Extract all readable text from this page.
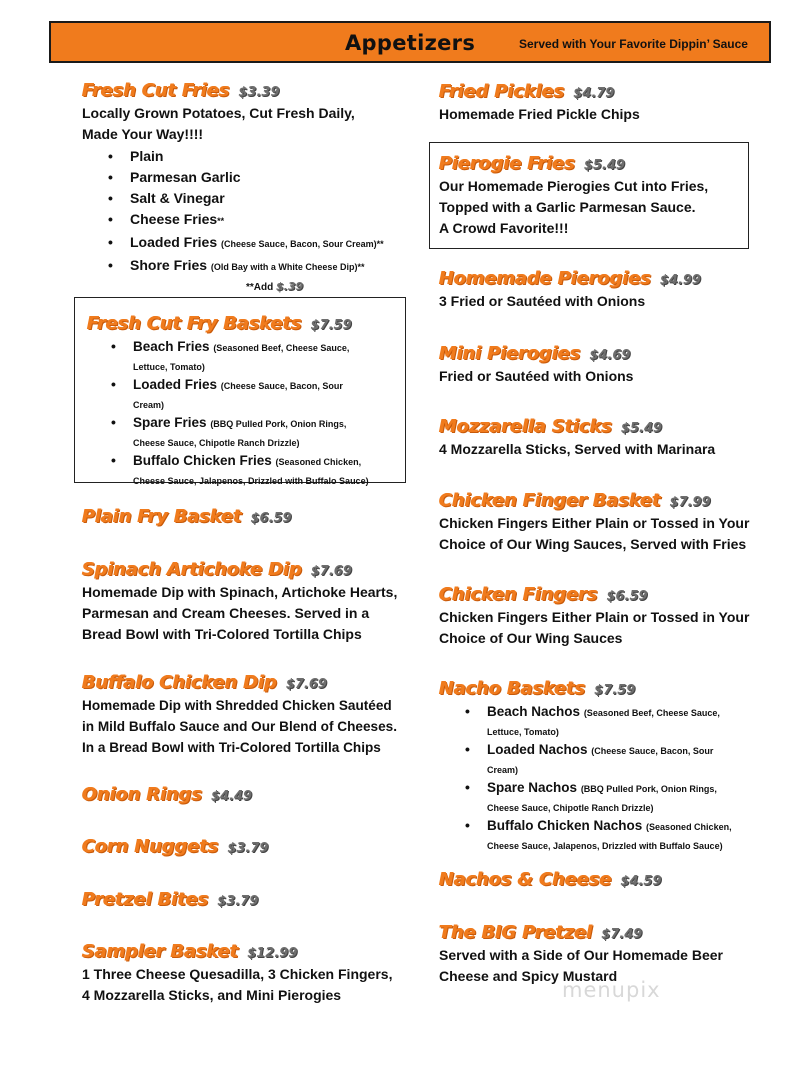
Appetizers	Served with Your Favorite Dippin’ Sauce
Fresh Cut Fries $3.39
Locally Grown Potatoes, Cut Fresh Daily,
Made Your Way!!!!
• Plain
• Parmesan Garlic
• Salt & Vinegar
• Cheese Fries**
• Loaded Fries (Cheese Sauce, Bacon, Sour Cream)**
• Shore Fries (Old Bay with a White Cheese Dip)**
**Add $.39
Fresh Cut Fry Baskets $7.59
• Beach Fries (Seasoned Beef, Cheese Sauce,
Lettuce, Tomato)
• Loaded Fries (Cheese Sauce, Bacon, Sour
Cream)
• Spare Fries (BBQ Pulled Pork, Onion Rings,
Cheese Sauce, Chipotle Ranch Drizzle)
• Buffalo Chicken Fries (Seasoned Chicken,
Cheese Sauce, Jalapenos, Drizzled with Buffalo Sauce)
Plain Fry Basket $6.59
Spinach Artichoke Dip $7.69
Homemade Dip with Spinach, Artichoke Hearts,
Parmesan and Cream Cheeses. Served in a
Bread Bowl with Tri-Colored Tortilla Chips
Buffalo Chicken Dip $7.69
Homemade Dip with Shredded Chicken Sautéed
in Mild Buffalo Sauce and Our Blend of Cheeses.
In a Bread Bowl with Tri-Colored Tortilla Chips
Onion Rings $4.49
Corn Nuggets $3.79
Pretzel Bites $3.79
Sampler Basket $12.99
1 Three Cheese Quesadilla, 3 Chicken Fingers,
4 Mozzarella Sticks, and Mini Pierogies
Fried Pickles $4.79
Homemade Fried Pickle Chips
Pierogie Fries $5.49
Our Homemade Pierogies Cut into Fries,
Topped with a Garlic Parmesan Sauce.
A Crowd Favorite!!!
Homemade Pierogies $4.99
3 Fried or Sautéed with Onions
Mini Pierogies $4.69
Fried or Sautéed with Onions
Mozzarella Sticks $5.49
4 Mozzarella Sticks, Served with Marinara
Chicken Finger Basket $7.99
Chicken Fingers Either Plain or Tossed in Your
Choice of Our Wing Sauces, Served with Fries
Chicken Fingers $6.59
Chicken Fingers Either Plain or Tossed in Your
Choice of Our Wing Sauces
Nacho Baskets $7.59
• Beach Nachos (Seasoned Beef, Cheese Sauce,
Lettuce, Tomato)
• Loaded Nachos (Cheese Sauce, Bacon, Sour
Cream)
• Spare Nachos (BBQ Pulled Pork, Onion Rings,
Cheese Sauce, Chipotle Ranch Drizzle)
• Buffalo Chicken Nachos (Seasoned Chicken,
Cheese Sauce, Jalapenos, Drizzled with Buffalo Sauce)
Nachos & Cheese $4.59
The BIG Pretzel $7.49
Served with a Side of Our Homemade Beer
Cheese and Spicy Mustard
menupix
